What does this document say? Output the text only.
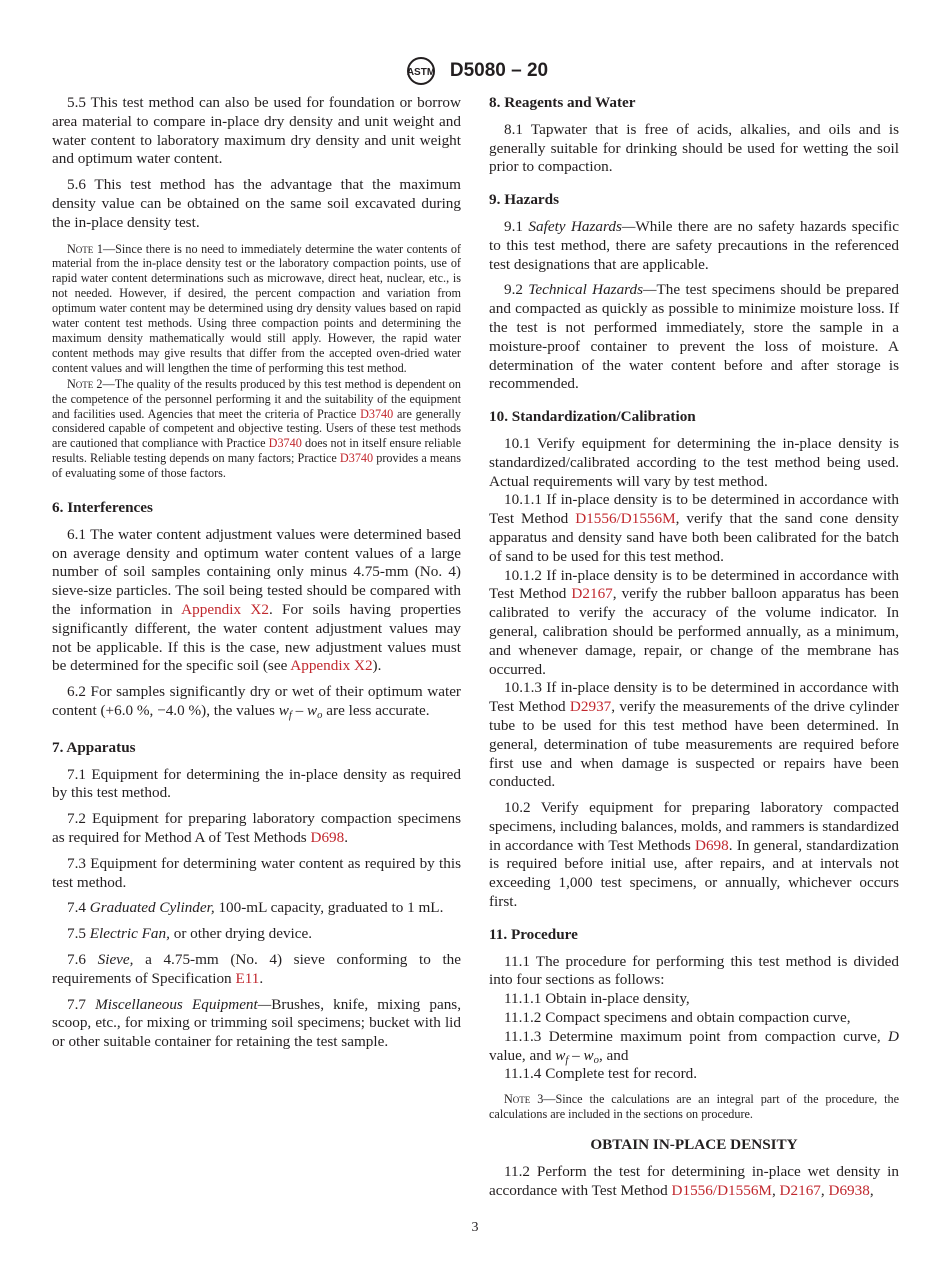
ASTM D5080 – 20

5.5 This test method can also be used for foundation or borrow area material to compare in-place dry density and unit weight and water content to laboratory maximum dry density and unit weight and optimum water content.

5.6 This test method has the advantage that the maximum density value can be obtained on the same soil excavated during the in-place density test.

Note 1—Since there is no need to immediately determine the water contents of material from the in-place density test or the laboratory compaction points, use of rapid water content determinations such as microwave, direct heat, nuclear, etc., is not needed. However, if desired, the percent compaction and variation from optimum water content may be determined using dry density values based on rapid water content test methods. Using three compaction points and determining the maximum density mathematically would still apply. However, the rapid water content methods may give results that differ from the accepted oven-dried water content values and will lengthen the time of performing this test method.

Note 2—The quality of the results produced by this test method is dependent on the competence of the personnel performing it and the suitability of the equipment and facilities used. Agencies that meet the criteria of Practice D3740 are generally considered capable of competent and objective testing. Users of these test methods are cautioned that compliance with Practice D3740 does not in itself ensure reliable results. Reliable testing depends on many factors; Practice D3740 provides a means of evaluating some of those factors.

6. Interferences

6.1 The water content adjustment values were determined based on average density and optimum water content values of a large number of soil samples containing only minus 4.75-mm (No. 4) sieve-size particles. The soil being tested should be compared with the information in Appendix X2. For soils having properties significantly different, the water content adjustment values may not be applicable. If this is the case, new adjustment values must be determined for the specific soil (see Appendix X2).

6.2 For samples significantly dry or wet of their optimum water content (+6.0 %, −4.0 %), the values $w_f - w_o$ are less accurate.

7. Apparatus

7.1 Equipment for determining the in-place density as required by this test method.

7.2 Equipment for preparing laboratory compaction specimens as required for Method A of Test Methods D698.

7.3 Equipment for determining water content as required by this test method.

7.4 Graduated Cylinder, 100-mL capacity, graduated to 1 mL.

7.5 Electric Fan, or other drying device.

7.6 Sieve, a 4.75-mm (No. 4) sieve conforming to the requirements of Specification E11.

7.7 Miscellaneous Equipment—Brushes, knife, mixing pans, scoop, etc., for mixing or trimming soil specimens; bucket with lid or other suitable container for retaining the test sample.

8. Reagents and Water

8.1 Tapwater that is free of acids, alkalies, and oils and is generally suitable for drinking should be used for wetting the soil prior to compaction.

9. Hazards

9.1 Safety Hazards—While there are no safety hazards specific to this test method, there are safety precautions in the referenced test designations that are applicable.

9.2 Technical Hazards—The test specimens should be prepared and compacted as quickly as possible to minimize moisture loss. If the test is not performed immediately, store the sample in a moisture-proof container to prevent the loss of moisture. A determination of the water content before and after storage is recommended.

10. Standardization/Calibration

10.1 Verify equipment for determining the in-place density is standardized/calibrated according to the test method being used. Actual requirements will vary by test method.

10.1.1 If in-place density is to be determined in accordance with Test Method D1556/D1556M, verify that the sand cone density apparatus and density sand have both been calibrated for the batch of sand to be used for this test method.

10.1.2 If in-place density is to be determined in accordance with Test Method D2167, verify the rubber balloon apparatus has been calibrated to verify the accuracy of the volume indicator. In general, calibration should be performed annually, as a minimum, and whenever damage, repair, or change of the membrane has occurred.

10.1.3 If in-place density is to be determined in accordance with Test Method D2937, verify the measurements of the drive cylinder tube to be used for this test method have been determined. In general, determination of tube measurements are required before first use and when damage is suspected or repairs have been conducted.

10.2 Verify equipment for preparing laboratory compacted specimens, including balances, molds, and rammers is standardized in accordance with Test Methods D698. In general, standardization is required before initial use, after repairs, and at intervals not exceeding 1,000 test specimens, or annually, whichever occurs first.

11. Procedure

11.1 The procedure for performing this test method is divided into four sections as follows:

11.1.1 Obtain in-place density,

11.1.2 Compact specimens and obtain compaction curve,

11.1.3 Determine maximum point from compaction curve, D value, and $w_f - w_o$, and

11.1.4 Complete test for record.

Note 3—Since the calculations are an integral part of the procedure, the calculations are included in the sections on procedure.

OBTAIN IN-PLACE DENSITY

11.2 Perform the test for determining in-place wet density in accordance with Test Method D1556/D1556M, D2167, D6938,

3
